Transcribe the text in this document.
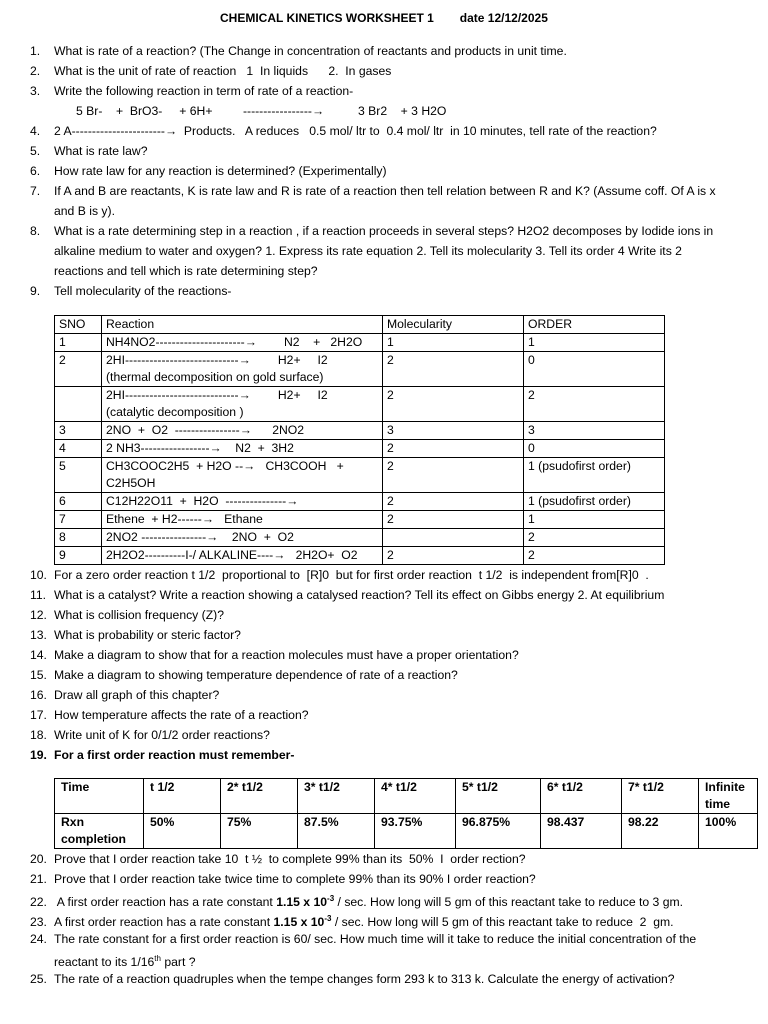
CHEMICAL KINETICS WORKSHEET 1 date 12/12/2025
1. What is rate of a reaction? (The Change in concentration of reactants and products in unit time.
2. What is the unit of rate of reaction   1  In liquids      2.  In gases
3. Write the following reaction in term of rate of a reaction-
5 Br-    +  BrO3-     + 6H+         -----------------→          3 Br2    + 3 H2O
4. 2 A-----------------------→  Products.   A reduces   0.5 mol/ ltr to  0.4 mol/ ltr  in 10 minutes, tell rate of the reaction?
5. What is rate law?
6. How rate law for any reaction is determined? (Experimentally)
7. If A and B are reactants, K is rate law and R is rate of a reaction then tell relation between R and K? (Assume coff. Of A is x
and B is y).
8. What is a rate determining step in a reaction , if a reaction proceeds in several steps? H2O2 decomposes by Iodide ions in
alkaline medium to water and oxygen? 1. Express its rate equation 2. Tell its molecularity 3. Tell its order 4 Write its 2
reactions and tell which is rate determining step?
9. Tell molecularity of the reactions-
SNO	Reaction	Molecularity	ORDER
1	NH4NO2----------------------→        N2    +   2H2O	1	1
2	2HI----------------------------→        H2+     I2
(thermal decomposition on gold surface)	2	0
	2HI----------------------------→        H2+     I2
(catalytic decomposition )	2	2
3	2NO  +  O2  ----------------→      2NO2	3	3
4	2 NH3-----------------→    N2  +  3H2	2	0
5	CH3COOC2H5  + H2O --→   CH3COOH   +
C2H5OH	2	1 (psudofirst order)
6	C12H22O11  +  H2O  ---------------→	2	1 (psudofirst order)
7	Ethene  + H2------→   Ethane	2	1
8	2NO2 ----------------→    2NO  +  O2		2
9	2H2O2----------I-/ ALKALINE----→   2H2O+  O2	2	2
10. For a zero order reaction t 1/2  proportional to  [R]0  but for first order reaction  t 1/2  is independent from[R]0  .
11. What is a catalyst? Write a reaction showing a catalysed reaction? Tell its effect on Gibbs energy 2. At equilibrium
12. What is collision frequency (Z)?
13. What is probability or steric factor?
14. Make a diagram to show that for a reaction molecules must have a proper orientation?
15. Make a diagram to showing temperature dependence of rate of a reaction?
16. Draw all graph of this chapter?
17. How temperature affects the rate of a reaction?
18. Write unit of K for 0/1/2 order reactions?
19. For a first order reaction must remember-
Time	t 1/2	2* t1/2	3* t1/2	4* t1/2	5* t1/2	6* t1/2	7* t1/2	Infinite
time
Rxn
completion	50%	75%	87.5%	93.75%	96.875%	98.437	98.22	100%
20. Prove that I order reaction take 10  t ½  to complete 99% than its  50%  I  order rection?
21. Prove that I order reaction take twice time to complete 99% than its 90% I order reaction?
22. A first order reaction has a rate constant 1.15 x $10^{-3}$ / sec. How long will 5 gm of this reactant take to reduce to 3 gm.
23. A first order reaction has a rate constant 1.15 x $10^{-3}$ / sec. How long will 5 gm of this reactant take to reduce  2  gm.
24. The rate constant for a first order reaction is 60/ sec. How much time will it take to reduce the initial concentration of the
reactant to its 1/16th part ?
25. The rate of a reaction quadruples when the tempe changes form 293 k to 313 k. Calculate the energy of activation?
